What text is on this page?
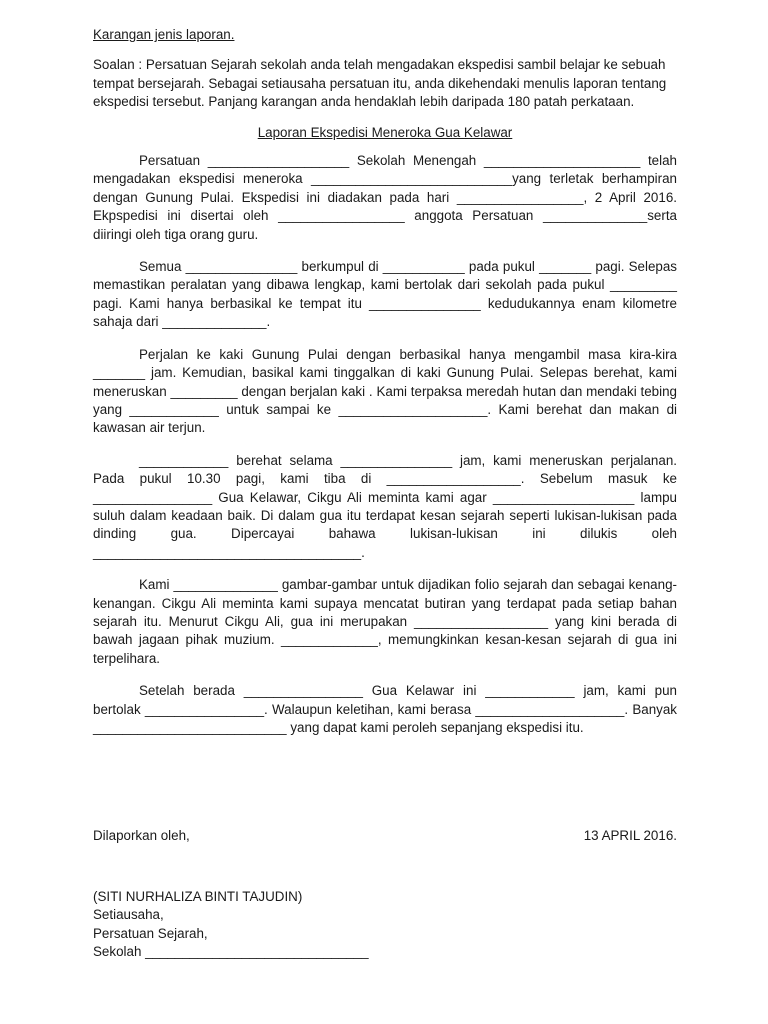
Karangan jenis laporan.

Soalan : Persatuan Sejarah sekolah anda telah mengadakan ekspedisi sambil belajar ke sebuah tempat bersejarah. Sebagai setiausaha persatuan itu, anda dikehendaki menulis laporan tentang ekspedisi tersebut. Panjang karangan anda hendaklah lebih daripada 180 patah perkataan.

Laporan Ekspedisi Meneroka Gua Kelawar

Persatuan ___________________ Sekolah Menengah _____________________ telah mengadakan ekspedisi meneroka ___________________________yang terletak berhampiran dengan Gunung Pulai. Ekspedisi ini diadakan pada hari _________________, 2 April 2016. Ekpspedisi ini disertai oleh _________________ anggota Persatuan ______________serta diiringi oleh tiga orang guru.

Semua _______________ berkumpul di ___________ pada pukul _______ pagi. Selepas memastikan peralatan yang dibawa lengkap, kami bertolak dari sekolah pada pukul _________ pagi. Kami hanya berbasikal ke tempat itu _______________ kedudukannya enam kilometre sahaja dari ______________.

Perjalan ke kaki Gunung Pulai dengan berbasikal hanya mengambil masa kira-kira _______ jam. Kemudian, basikal kami tinggalkan di kaki Gunung Pulai. Selepas berehat, kami meneruskan _________ dengan berjalan kaki . Kami terpaksa meredah hutan dan mendaki tebing yang ____________ untuk sampai ke ____________________. Kami berehat dan makan di kawasan air terjun.

____________ berehat selama _______________ jam, kami meneruskan perjalanan. Pada pukul 10.30 pagi, kami tiba di __________________. Sebelum masuk ke ________________ Gua Kelawar, Cikgu Ali meminta kami agar ___________________ lampu suluh dalam keadaan baik. Di dalam gua itu terdapat kesan sejarah seperti lukisan-lukisan pada dinding gua. Dipercayai bahawa lukisan-lukisan ini dilukis oleh ____________________________________.

Kami ______________ gambar-gambar untuk dijadikan folio sejarah dan sebagai kenang-kenangan. Cikgu Ali meminta kami supaya mencatat butiran yang terdapat pada setiap bahan sejarah itu. Menurut Cikgu Ali, gua ini merupakan __________________ yang kini berada di bawah jagaan pihak muzium. _____________, memungkinkan kesan-kesan sejarah di gua ini terpelihara.

Setelah berada ________________ Gua Kelawar ini ____________ jam, kami pun bertolak ________________. Walaupun keletihan, kami berasa ____________________. Banyak __________________________ yang dapat kami peroleh sepanjang ekspedisi itu.

Dilaporkan oleh,	13 APRIL 2016.
(SITI NURHALIZA BINTI TAJUDIN)
Setiausaha,
Persatuan Sejarah,
Sekolah ______________________________
